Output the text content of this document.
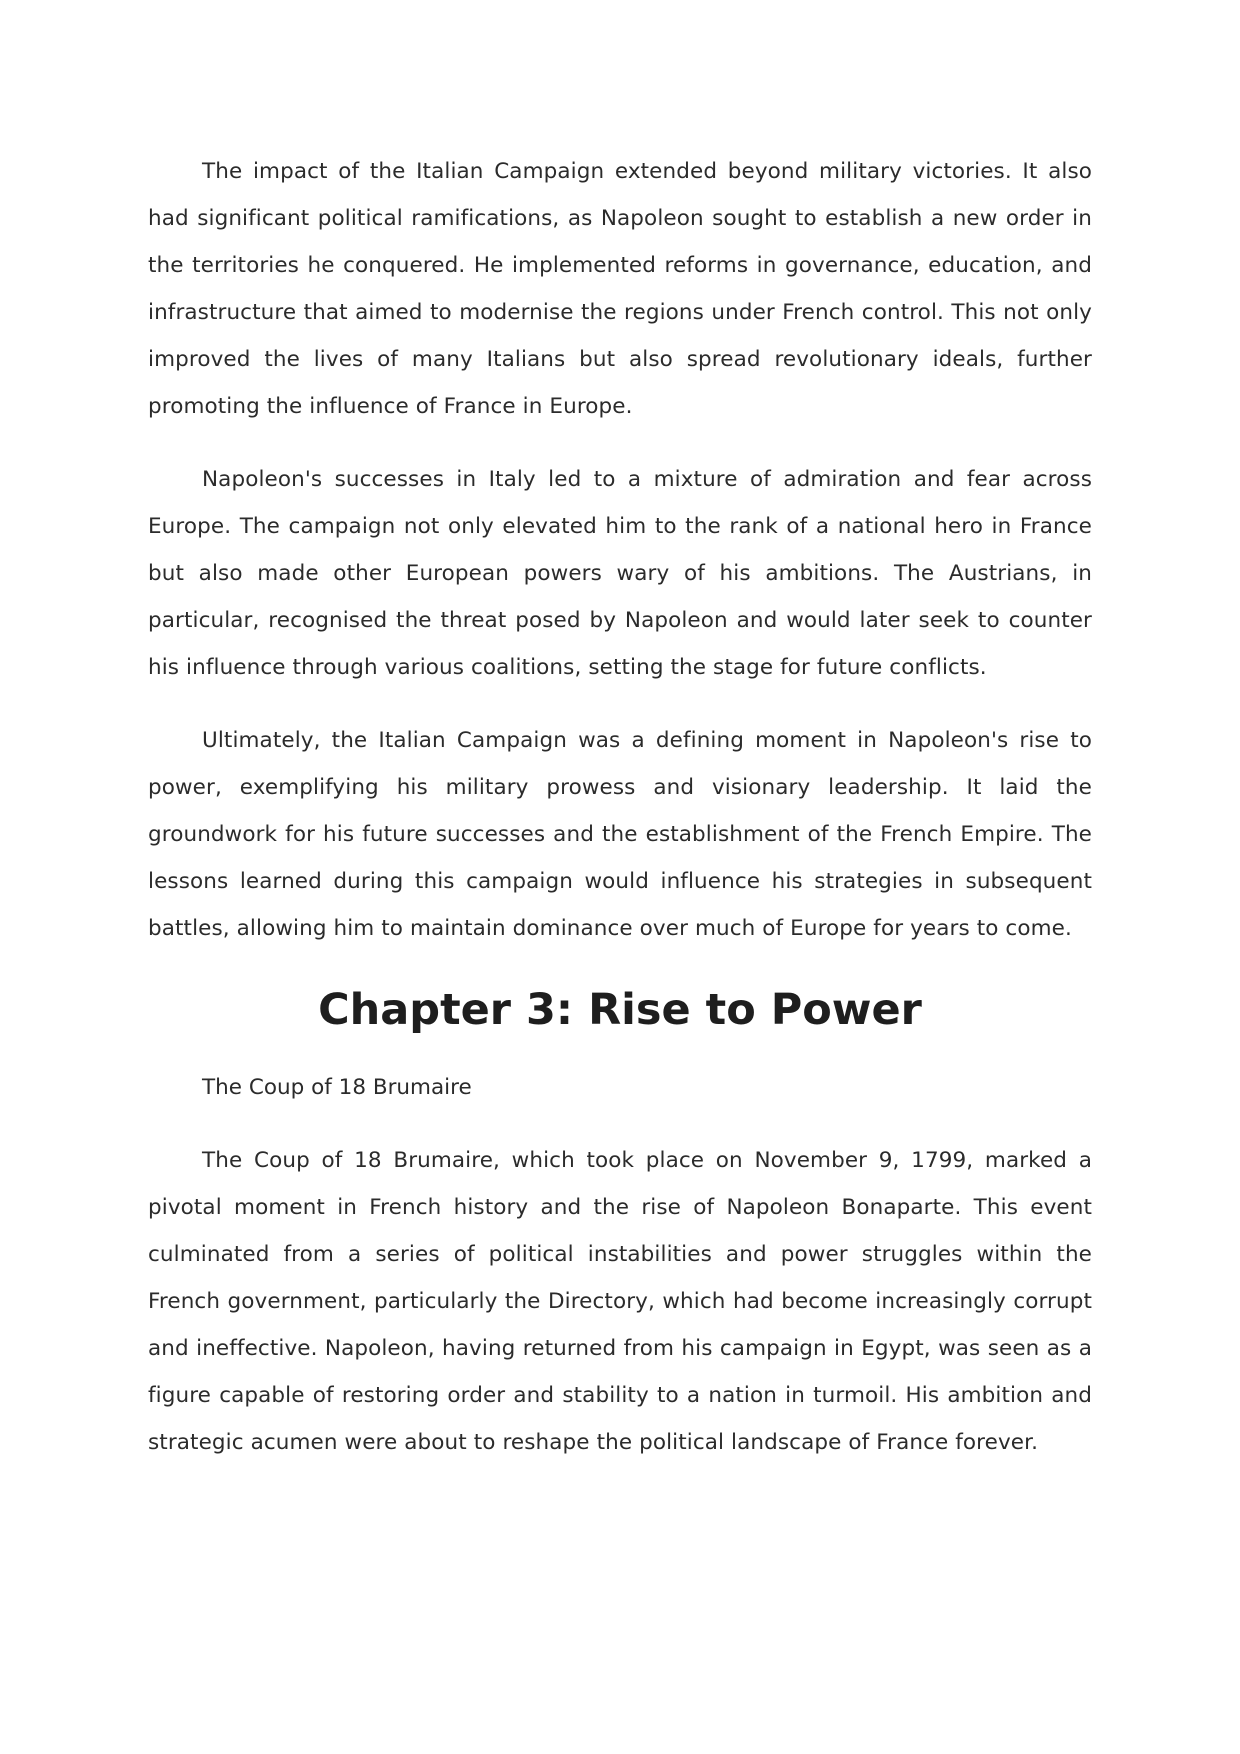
The impact of the Italian Campaign extended beyond military victories. It also had significant political ramifications, as Napoleon sought to establish a new order in the territories he conquered. He implemented reforms in governance, education, and infrastructure that aimed to modernise the regions under French control. This not only improved the lives of many Italians but also spread revolutionary ideals, further promoting the influence of France in Europe.

Napoleon's successes in Italy led to a mixture of admiration and fear across Europe. The campaign not only elevated him to the rank of a national hero in France but also made other European powers wary of his ambitions. The Austrians, in particular, recognised the threat posed by Napoleon and would later seek to counter his influence through various coalitions, setting the stage for future conflicts.

Ultimately, the Italian Campaign was a defining moment in Napoleon's rise to power, exemplifying his military prowess and visionary leadership. It laid the groundwork for his future successes and the establishment of the French Empire. The lessons learned during this campaign would influence his strategies in subsequent battles, allowing him to maintain dominance over much of Europe for years to come.

Chapter 3: Rise to Power

The Coup of 18 Brumaire

The Coup of 18 Brumaire, which took place on November 9, 1799, marked a pivotal moment in French history and the rise of Napoleon Bonaparte. This event culminated from a series of political instabilities and power struggles within the French government, particularly the Directory, which had become increasingly corrupt and ineffective. Napoleon, having returned from his campaign in Egypt, was seen as a figure capable of restoring order and stability to a nation in turmoil. His ambition and strategic acumen were about to reshape the political landscape of France forever.
